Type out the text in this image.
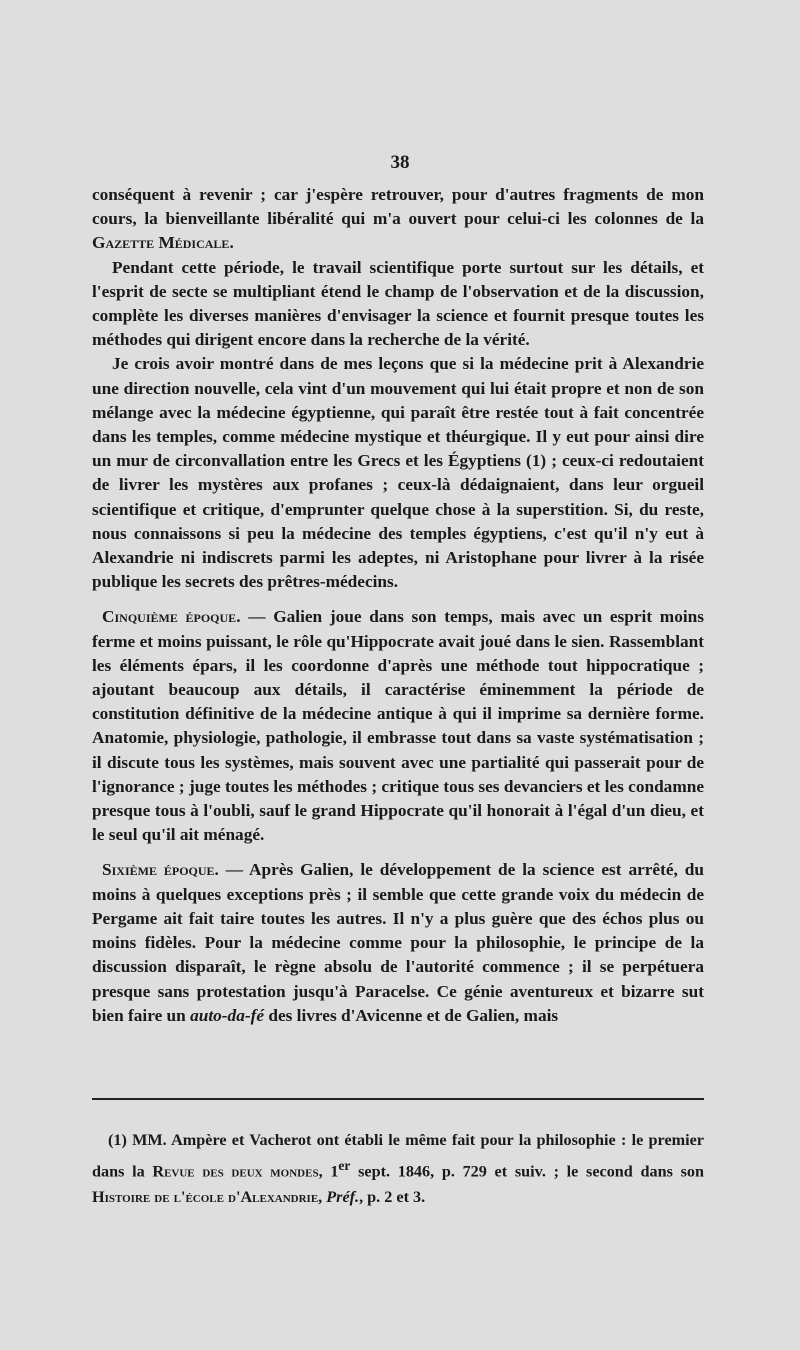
38

conséquent à revenir ; car j'espère retrouver, pour d'autres fragments de mon cours, la bienveillante libéralité qui m'a ouvert pour celui-ci les colonnes de la Gazette Médicale.

Pendant cette période, le travail scientifique porte surtout sur les détails, et l'esprit de secte se multipliant étend le champ de l'observation et de la discussion, complète les diverses manières d'envisager la science et fournit presque toutes les méthodes qui dirigent encore dans la recherche de la vérité.

Je crois avoir montré dans de mes leçons que si la médecine prit à Alexandrie une direction nouvelle, cela vint d'un mouvement qui lui était propre et non de son mélange avec la médecine égyptienne, qui paraît être restée tout à fait concentrée dans les temples, comme médecine mystique et théurgique. Il y eut pour ainsi dire un mur de circonvallation entre les Grecs et les Égyptiens (1) ; ceux-ci redoutaient de livrer les mystères aux profanes ; ceux-là dédaignaient, dans leur orgueil scientifique et critique, d'emprunter quelque chose à la superstition. Si, du reste, nous connaissons si peu la médecine des temples égyptiens, c'est qu'il n'y eut à Alexandrie ni indiscrets parmi les adeptes, ni Aristophane pour livrer à la risée publique les secrets des prêtres-médecins.

Cinquième époque. — Galien joue dans son temps, mais avec un esprit moins ferme et moins puissant, le rôle qu'Hippocrate avait joué dans le sien. Rassemblant les éléments épars, il les coordonne d'après une méthode tout hippocratique ; ajoutant beaucoup aux détails, il caractérise éminemment la période de constitution définitive de la médecine antique à qui il imprime sa dernière forme. Anatomie, physiologie, pathologie, il embrasse tout dans sa vaste systématisation ; il discute tous les systèmes, mais souvent avec une partialité qui passerait pour de l'ignorance ; juge toutes les méthodes ; critique tous ses devanciers et les condamne presque tous à l'oubli, sauf le grand Hippocrate qu'il honorait à l'égal d'un dieu, et le seul qu'il ait ménagé.

Sixième époque. — Après Galien, le développement de la science est arrêté, du moins à quelques exceptions près ; il semble que cette grande voix du médecin de Pergame ait fait taire toutes les autres. Il n'y a plus guère que des échos plus ou moins fidèles. Pour la médecine comme pour la philosophie, le principe de la discussion disparaît, le règne absolu de l'autorité commence ; il se perpétuera presque sans protestation jusqu'à Paracelse. Ce génie aventureux et bizarre sut bien faire un auto-da-fé des livres d'Avicenne et de Galien, mais

(1) MM. Ampère et Vacherot ont établi le même fait pour la philosophie : le premier dans la Revue des deux mondes, 1er sept. 1846, p. 729 et suiv. ; le second dans son Histoire de l'école d'Alexandrie, Préf., p. 2 et 3.
